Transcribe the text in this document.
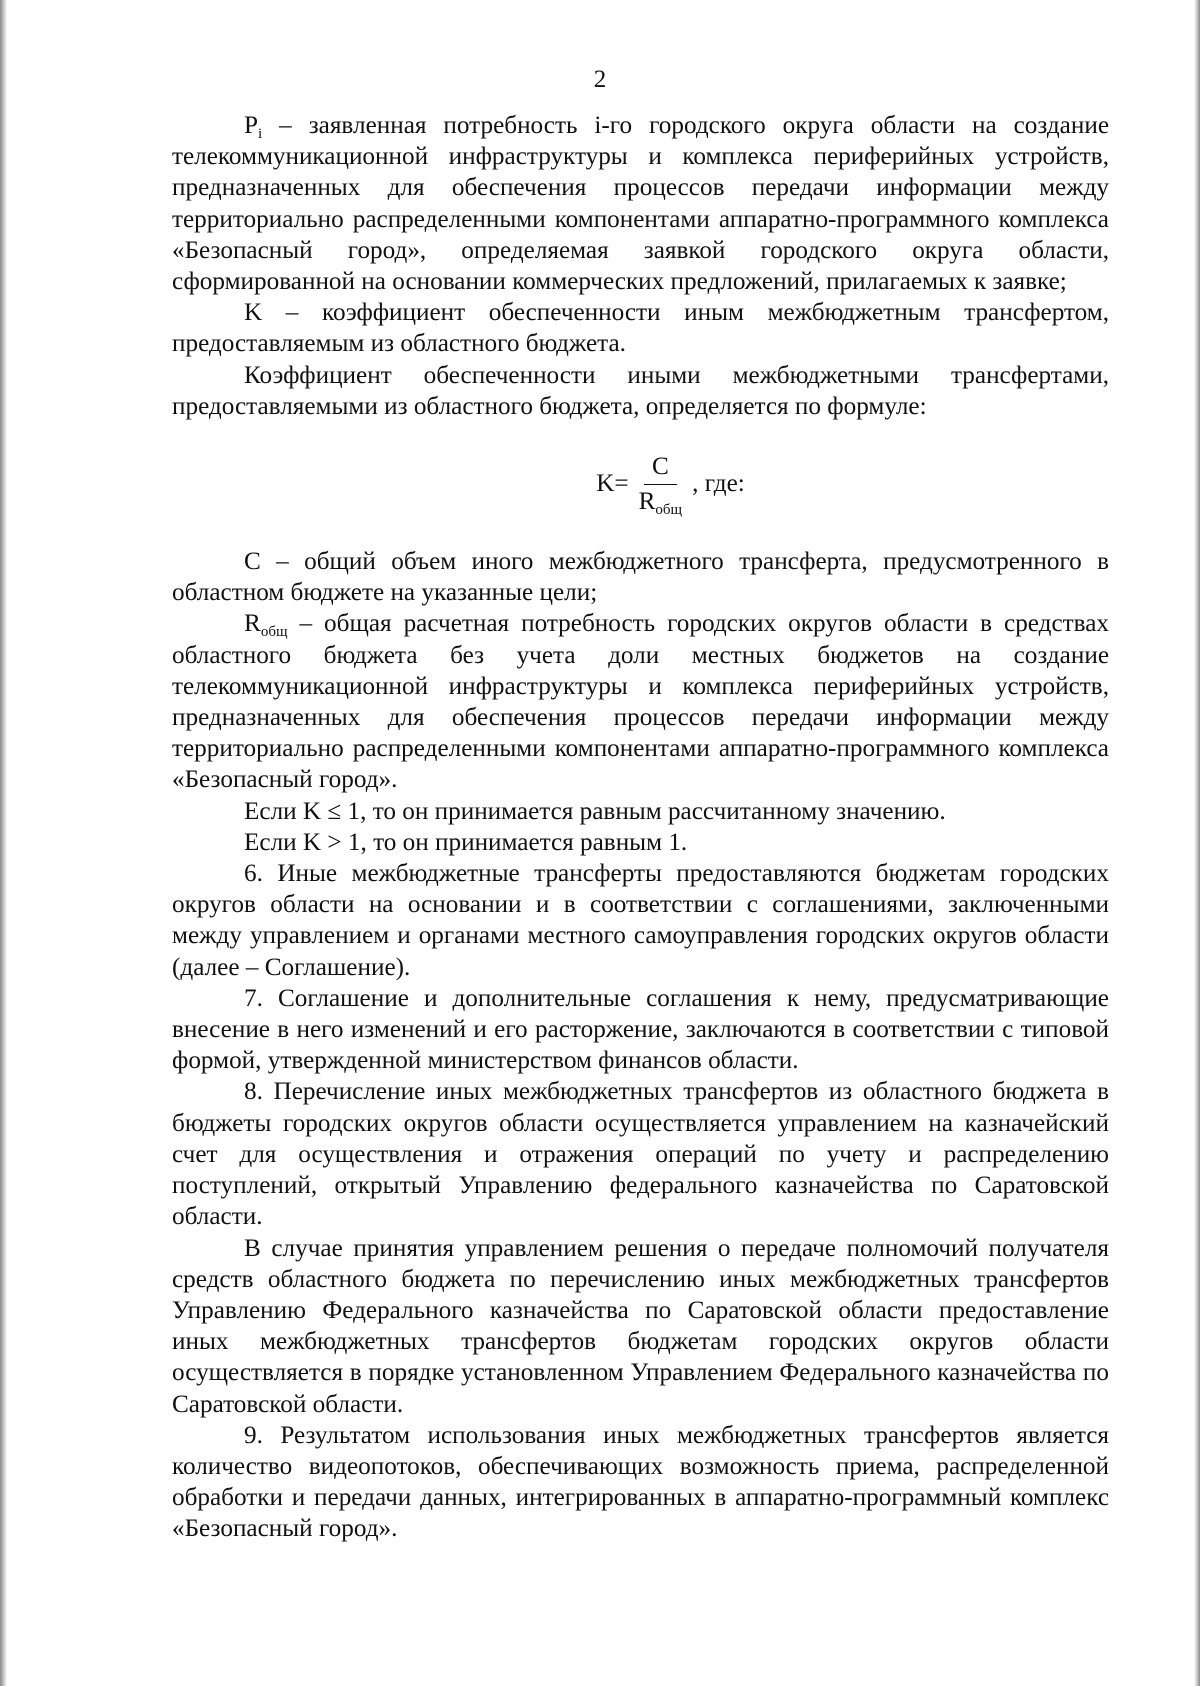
2

$P_i$ – заявленная потребность i-го городского округа области на создание телекоммуникационной инфраструктуры и комплекса периферийных устройств, предназначенных для обеспечения процессов передачи информации между территориально распределенными компонентами аппаратно-программного комплекса «Безопасный город», определяемая заявкой городского округа области, сформированной на основании коммерческих предложений, прилагаемых к заявке;

K – коэффициент обеспеченности иным межбюджетным трансфертом, предоставляемым из областного бюджета.

Коэффициент обеспеченности иными межбюджетными трансфертами, предоставляемыми из областного бюджета, определяется по формуле:

$K= \frac{C}{R_{общ}}$ , где:

C – общий объем иного межбюджетного трансферта, предусмотренного в областном бюджете на указанные цели;

$R_{общ}$ – общая расчетная потребность городских округов области в средствах областного бюджета без учета доли местных бюджетов на создание телекоммуникационной инфраструктуры и комплекса периферийных устройств, предназначенных для обеспечения процессов передачи информации между территориально распределенными компонентами аппаратно-программного комплекса «Безопасный город».

Если K ≤ 1, то он принимается равным рассчитанному значению.

Если K > 1, то он принимается равным 1.

6. Иные межбюджетные трансферты предоставляются бюджетам городских округов области на основании и в соответствии с соглашениями, заключенными между управлением и органами местного самоуправления городских округов области (далее – Соглашение).

7. Соглашение и дополнительные соглашения к нему, предусматривающие внесение в него изменений и его расторжение, заключаются в соответствии с типовой формой, утвержденной министерством финансов области.

8. Перечисление иных межбюджетных трансфертов из областного бюджета в бюджеты городских округов области осуществляется управлением на казначейский счет для осуществления и отражения операций по учету и распределению поступлений, открытый Управлению федерального казначейства по Саратовской области.

В случае принятия управлением решения о передаче полномочий получателя средств областного бюджета по перечислению иных межбюджетных трансфертов Управлению Федерального казначейства по Саратовской области предоставление иных межбюджетных трансфертов бюджетам городских округов области осуществляется в порядке установленном Управлением Федерального казначейства по Саратовской области.

9. Результатом использования иных межбюджетных трансфертов является количество видеопотоков, обеспечивающих возможность приема, распределенной обработки и передачи данных, интегрированных в аппаратно-программный комплекс «Безопасный город».
